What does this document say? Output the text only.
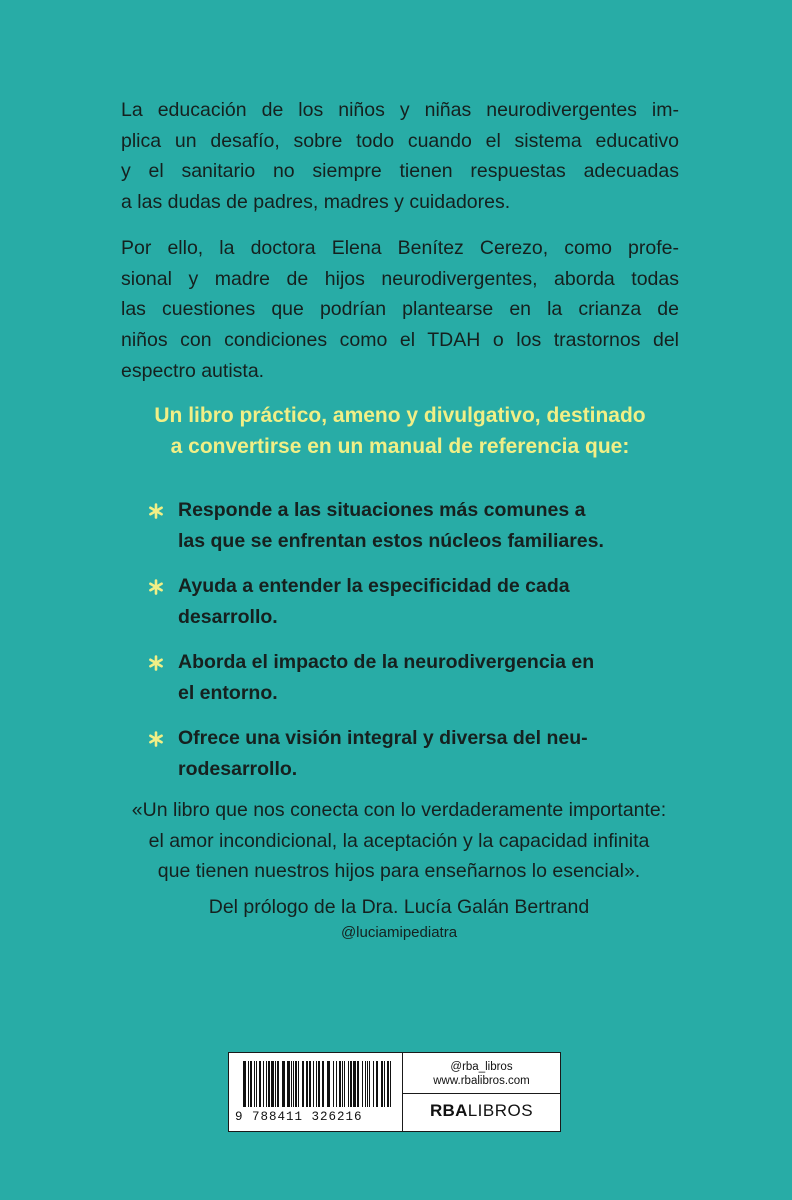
La educación de los niños y niñas neurodivergentes im-
plica un desafío, sobre todo cuando el sistema educativo
y el sanitario no siempre tienen respuestas adecuadas
a las dudas de padres, madres y cuidadores.
Por ello, la doctora Elena Benítez Cerezo, como profe-
sional y madre de hijos neurodivergentes, aborda todas
las cuestiones que podrían plantearse en la crianza de
niños con condiciones como el TDAH o los trastornos del
espectro autista.
Un libro práctico, ameno y divulgativo, destinado
a convertirse en un manual de referencia que:
Responde a las situaciones más comunes a
las que se enfrentan estos núcleos familiares.
Ayuda a entender la especificidad de cada
desarrollo.
Aborda el impacto de la neurodivergencia en
el entorno.
Ofrece una visión integral y diversa del neu-
rodesarrollo.
«Un libro que nos conecta con lo verdaderamente importante:
el amor incondicional, la aceptación y la capacidad infinita
que tienen nuestros hijos para enseñarnos lo esencial».
Del prólogo de la Dra. Lucía Galán Bertrand
@luciamipediatra
9 788411 326216
@rba_libros
www.rbalibros.com
RBALIBROS
